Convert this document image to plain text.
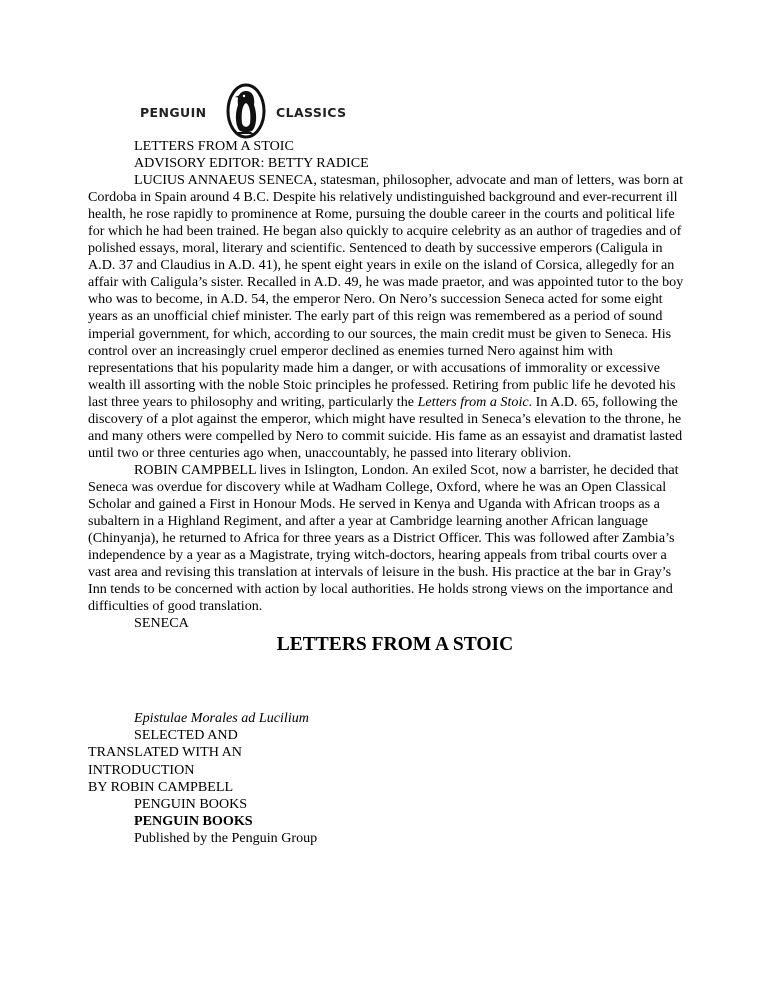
PENGUIN	CLASSICS

LETTERS FROM A STOIC

ADVISORY EDITOR: BETTY RADICE

LUCIUS ANNAEUS SENECA, statesman, philosopher, advocate and man of letters, was born at Cordoba in Spain around 4 B.C. Despite his relatively undistinguished background and ever-recurrent ill health, he rose rapidly to prominence at Rome, pursuing the double career in the courts and political life for which he had been trained. He began also quickly to acquire celebrity as an author of tragedies and of polished essays, moral, literary and scientific. Sentenced to death by successive emperors (Caligula in A.D. 37 and Claudius in A.D. 41), he spent eight years in exile on the island of Corsica, allegedly for an affair with Caligula’s sister. Recalled in A.D. 49, he was made praetor, and was appointed tutor to the boy who was to become, in A.D. 54, the emperor Nero. On Nero’s succession Seneca acted for some eight years as an unofficial chief minister. The early part of this reign was remembered as a period of sound imperial government, for which, according to our sources, the main credit must be given to Seneca. His control over an increasingly cruel emperor declined as enemies turned Nero against him with representations that his popularity made him a danger, or with accusations of immorality or excessive wealth ill assorting with the noble Stoic principles he professed. Retiring from public life he devoted his last three years to philosophy and writing, particularly the Letters from a Stoic. In A.D. 65, following the discovery of a plot against the emperor, which might have resulted in Seneca’s elevation to the throne, he and many others were compelled by Nero to commit suicide. His fame as an essayist and dramatist lasted until two or three centuries ago when, unaccountably, he passed into literary oblivion.

ROBIN CAMPBELL lives in Islington, London. An exiled Scot, now a barrister, he decided that Seneca was overdue for discovery while at Wadham College, Oxford, where he was an Open Classical Scholar and gained a First in Honour Mods. He served in Kenya and Uganda with African troops as a subaltern in a Highland Regiment, and after a year at Cambridge learning another African language (Chinyanja), he returned to Africa for three years as a District Officer. This was followed after Zambia’s independence by a year as a Magistrate, trying witch-doctors, hearing appeals from tribal courts over a vast area and revising this translation at intervals of leisure in the bush. His practice at the bar in Gray’s Inn tends to be concerned with action by local authorities. He holds strong views on the importance and difficulties of good translation.

SENECA

LETTERS FROM A STOIC

Epistulae Morales ad Lucilium

SELECTED AND

TRANSLATED WITH AN

INTRODUCTION

BY ROBIN CAMPBELL

PENGUIN BOOKS

PENGUIN BOOKS

Published by the Penguin Group
